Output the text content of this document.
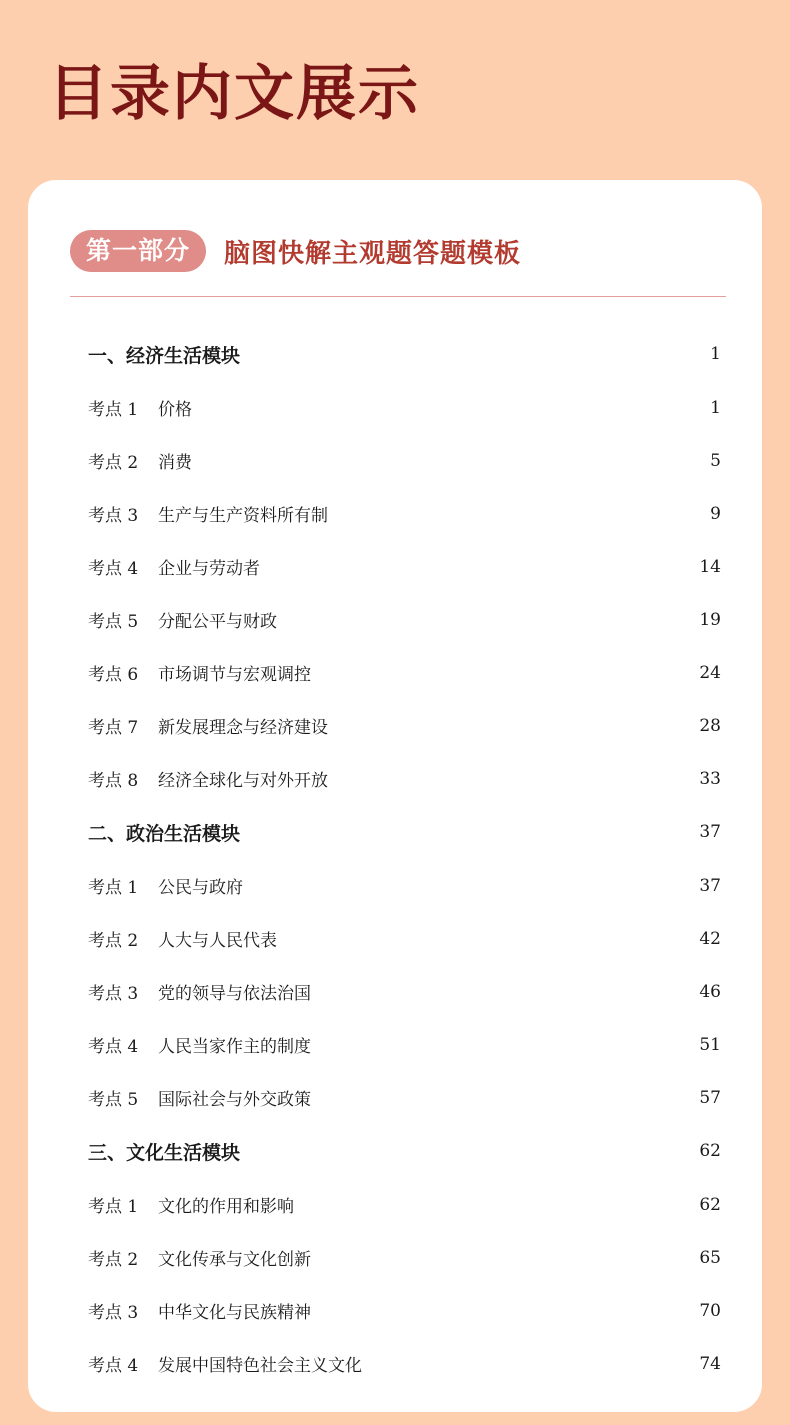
目录内文展示
第一部分	脑图快解主观题答题模板
一、经济生活模块	1
考点 1	价格	1
考点 2	消费	5
考点 3	生产与生产资料所有制	9
考点 4	企业与劳动者	14
考点 5	分配公平与财政	19
考点 6	市场调节与宏观调控	24
考点 7	新发展理念与经济建设	28
考点 8	经济全球化与对外开放	33
二、政治生活模块	37
考点 1	公民与政府	37
考点 2	人大与人民代表	42
考点 3	党的领导与依法治国	46
考点 4	人民当家作主的制度	51
考点 5	国际社会与外交政策	57
三、文化生活模块	62
考点 1	文化的作用和影响	62
考点 2	文化传承与文化创新	65
考点 3	中华文化与民族精神	70
考点 4	发展中国特色社会主义文化	74
